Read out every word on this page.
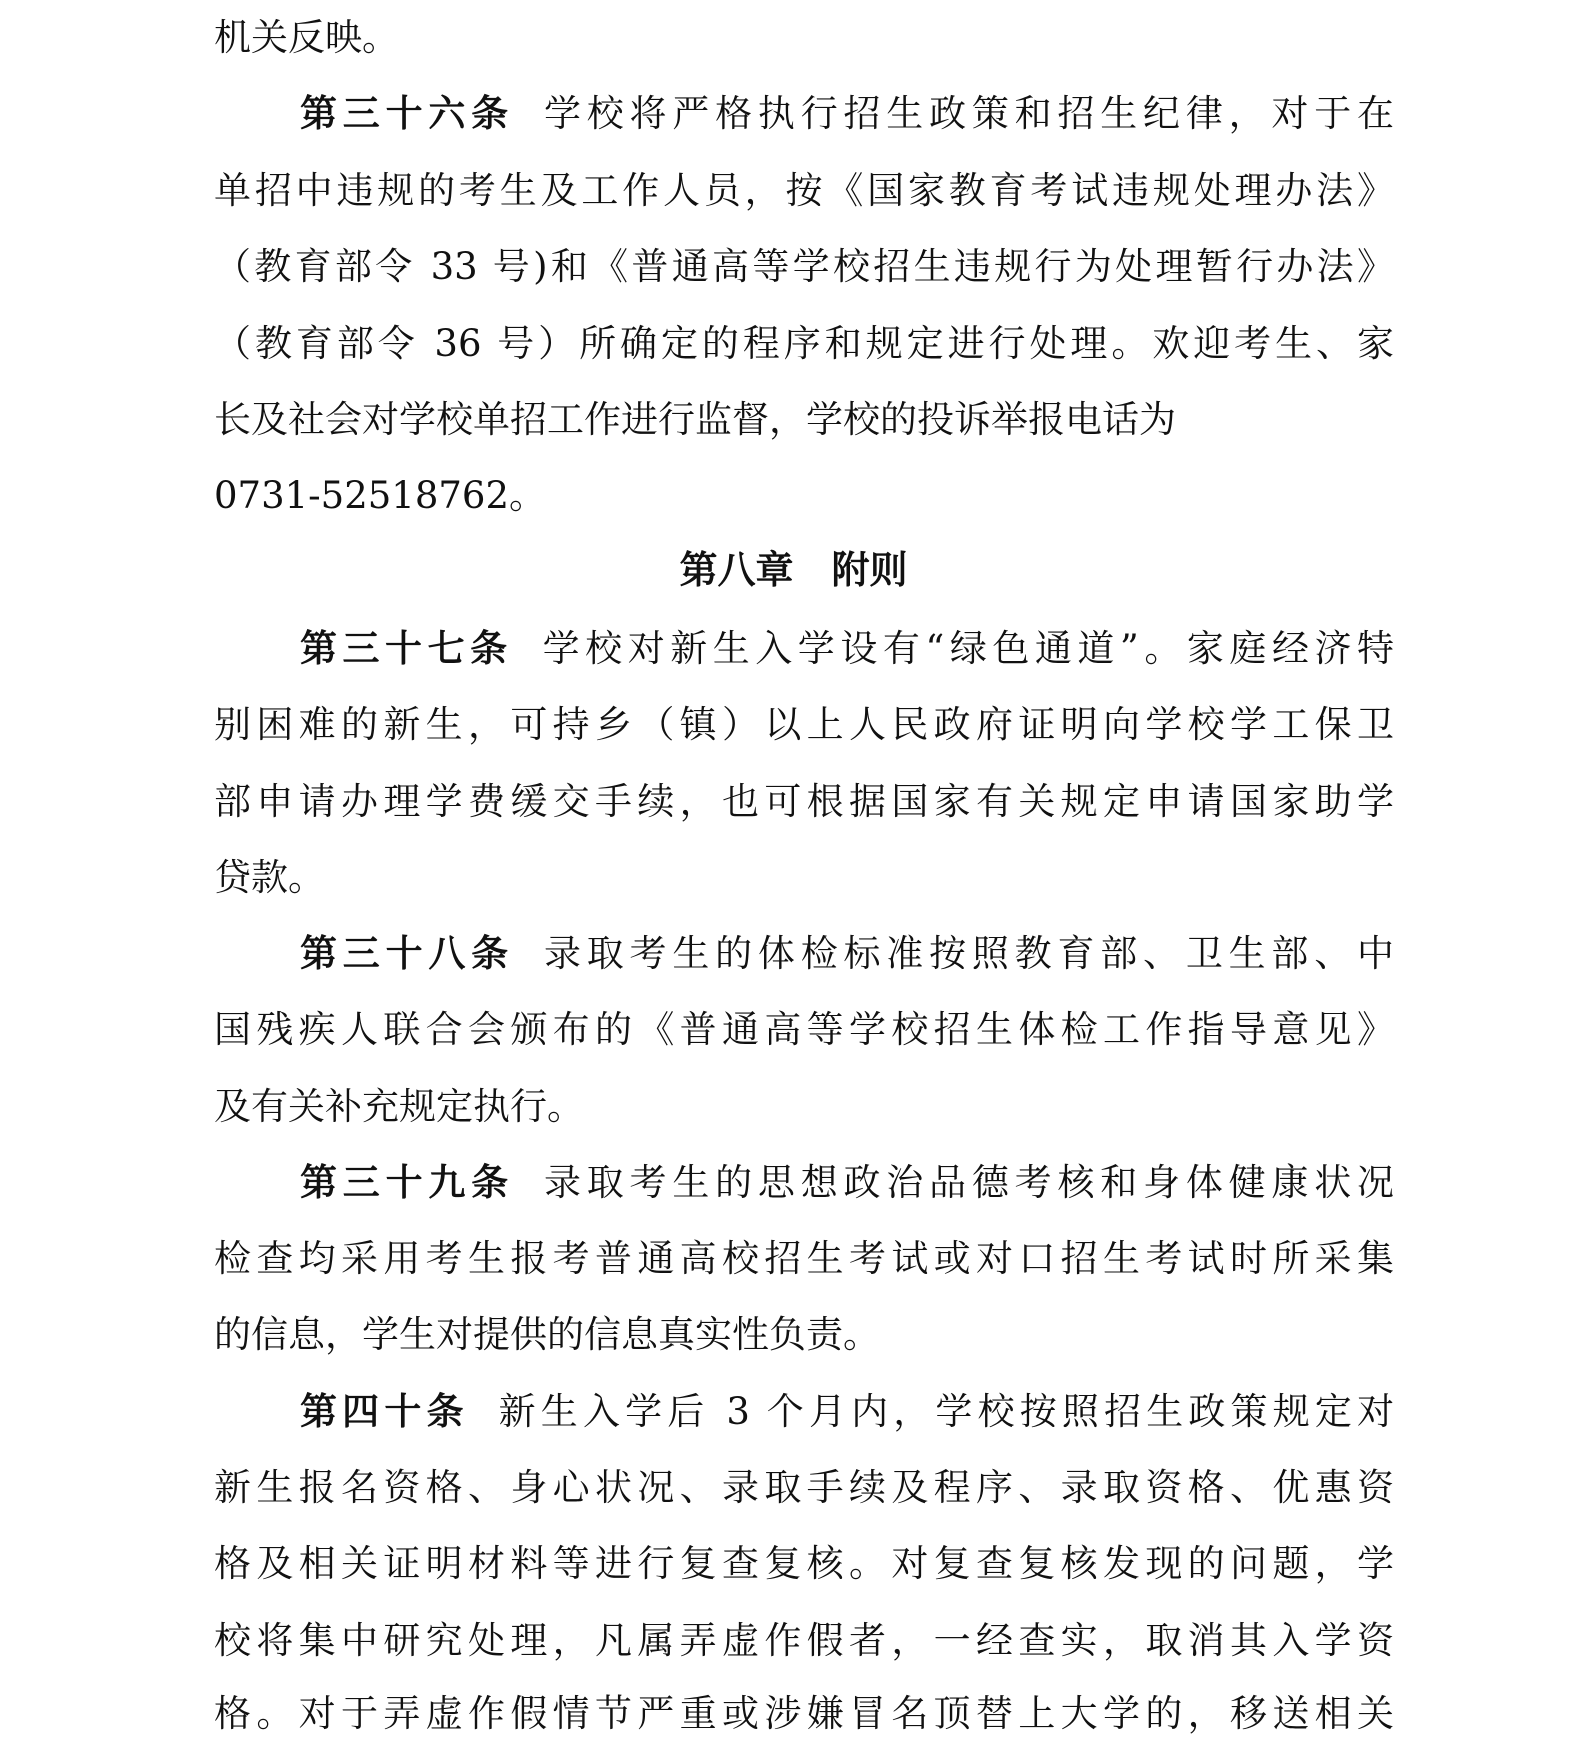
机关反映。
第三十六条 学校将严格执行招生政策和招生纪律，对于在
单招中违规的考生及工作人员，按《国家教育考试违规处理办法》
（教育部令 33 号)和《普通高等学校招生违规行为处理暂行办法》
（教育部令 36 号）所确定的程序和规定进行处理。欢迎考生、家
长及社会对学校单招工作进行监督，学校的投诉举报电话为
0731-52518762。
第八章　附则
第三十七条 学校对新生入学设有“绿色通道”。家庭经济特
别困难的新生，可持乡（镇）以上人民政府证明向学校学工保卫
部申请办理学费缓交手续，也可根据国家有关规定申请国家助学
贷款。
第三十八条 录取考生的体检标准按照教育部、卫生部、中
国残疾人联合会颁布的《普通高等学校招生体检工作指导意见》
及有关补充规定执行。
第三十九条 录取考生的思想政治品德考核和身体健康状况
检查均采用考生报考普通高校招生考试或对口招生考试时所采集
的信息，学生对提供的信息真实性负责。
第四十条 新生入学后 3 个月内，学校按照招生政策规定对
新生报名资格、身心状况、录取手续及程序、录取资格、优惠资
格及相关证明材料等进行复查复核。对复查复核发现的问题，学
校将集中研究处理，凡属弄虚作假者，一经查实，取消其入学资
格。对于弄虚作假情节严重或涉嫌冒名顶替上大学的，移送相关
